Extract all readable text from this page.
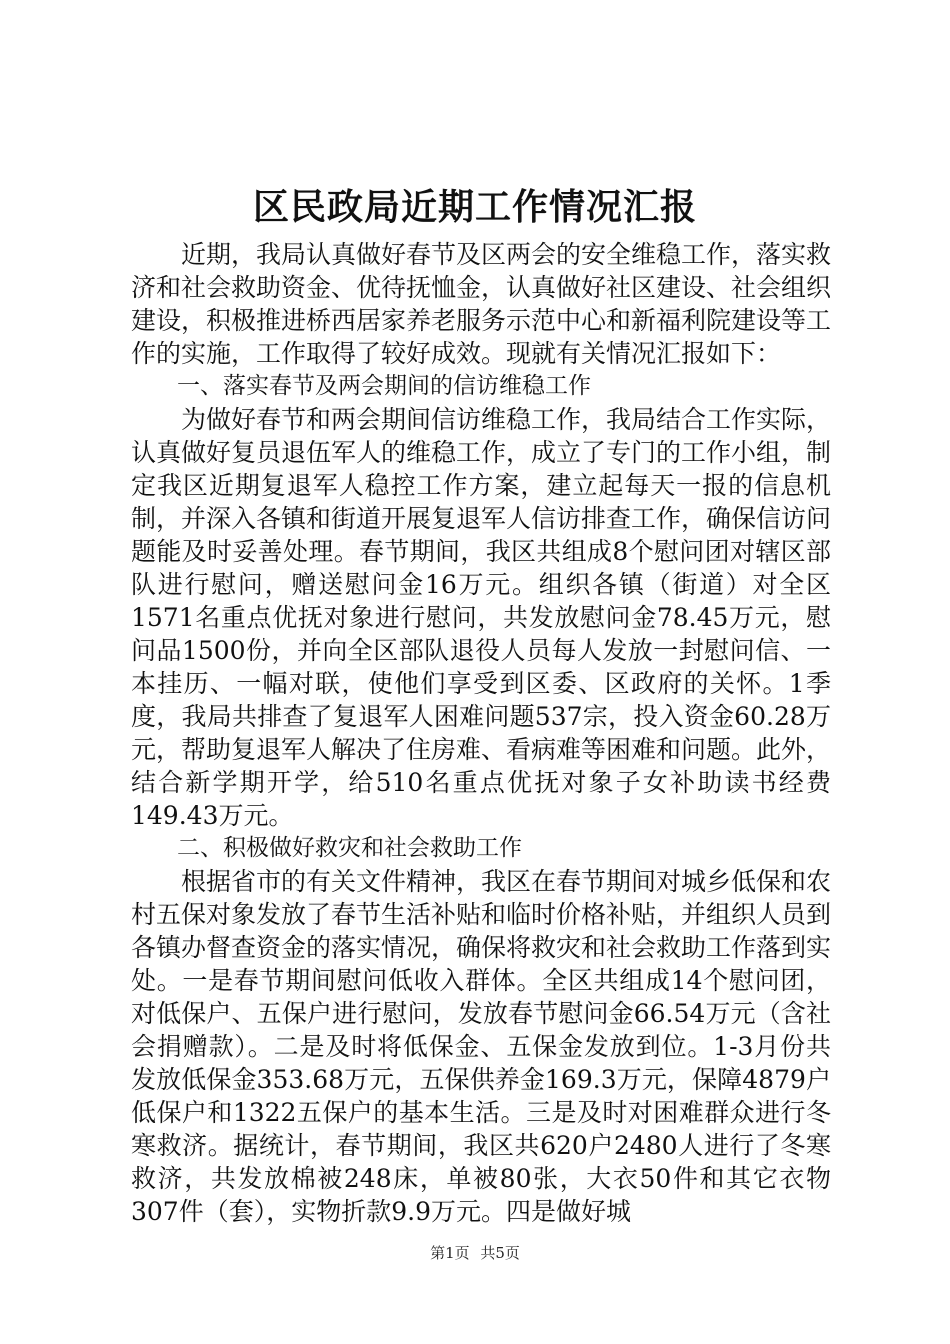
区民政局近期工作情况汇报

近期，我局认真做好春节及区两会的安全维稳工作，落实救济和社会救助资金、优待抚恤金，认真做好社区建设、社会组织建设，积极推进桥西居家养老服务示范中心和新福利院建设等工作的实施，工作取得了较好成效。现就有关情况汇报如下：

一、落实春节及两会期间的信访维稳工作

为做好春节和两会期间信访维稳工作，我局结合工作实际，认真做好复员退伍军人的维稳工作，成立了专门的工作小组，制定我区近期复退军人稳控工作方案，建立起每天一报的信息机制，并深入各镇和街道开展复退军人信访排查工作，确保信访问题能及时妥善处理。春节期间，我区共组成8个慰问团对辖区部队进行慰问，赠送慰问金16万元。组织各镇（街道）对全区1571名重点优抚对象进行慰问，共发放慰问金78.45万元，慰问品1500份，并向全区部队退役人员每人发放一封慰问信、一本挂历、一幅对联，使他们享受到区委、区政府的关怀。1季度，我局共排查了复退军人困难问题537宗，投入资金60.28万元，帮助复退军人解决了住房难、看病难等困难和问题。此外，结合新学期开学，给510名重点优抚对象子女补助读书经费149.43万元。

二、积极做好救灾和社会救助工作

根据省市的有关文件精神，我区在春节期间对城乡低保和农村五保对象发放了春节生活补贴和临时价格补贴，并组织人员到各镇办督查资金的落实情况，确保将救灾和社会救助工作落到实处。一是春节期间慰问低收入群体。全区共组成14个慰问团，对低保户、五保户进行慰问，发放春节慰问金66.54万元（含社会捐赠款）。二是及时将低保金、五保金发放到位。1-3月份共发放低保金353.68万元，五保供养金169.3万元，保障4879户低保户和1322五保户的基本生活。三是及时对困难群众进行冬寒救济。据统计，春节期间，我区共620户2480人进行了冬寒救济，共发放棉被248床，单被80张，大衣50件和其它衣物307件（套），实物折款9.9万元。四是做好城

第1页 共5页
